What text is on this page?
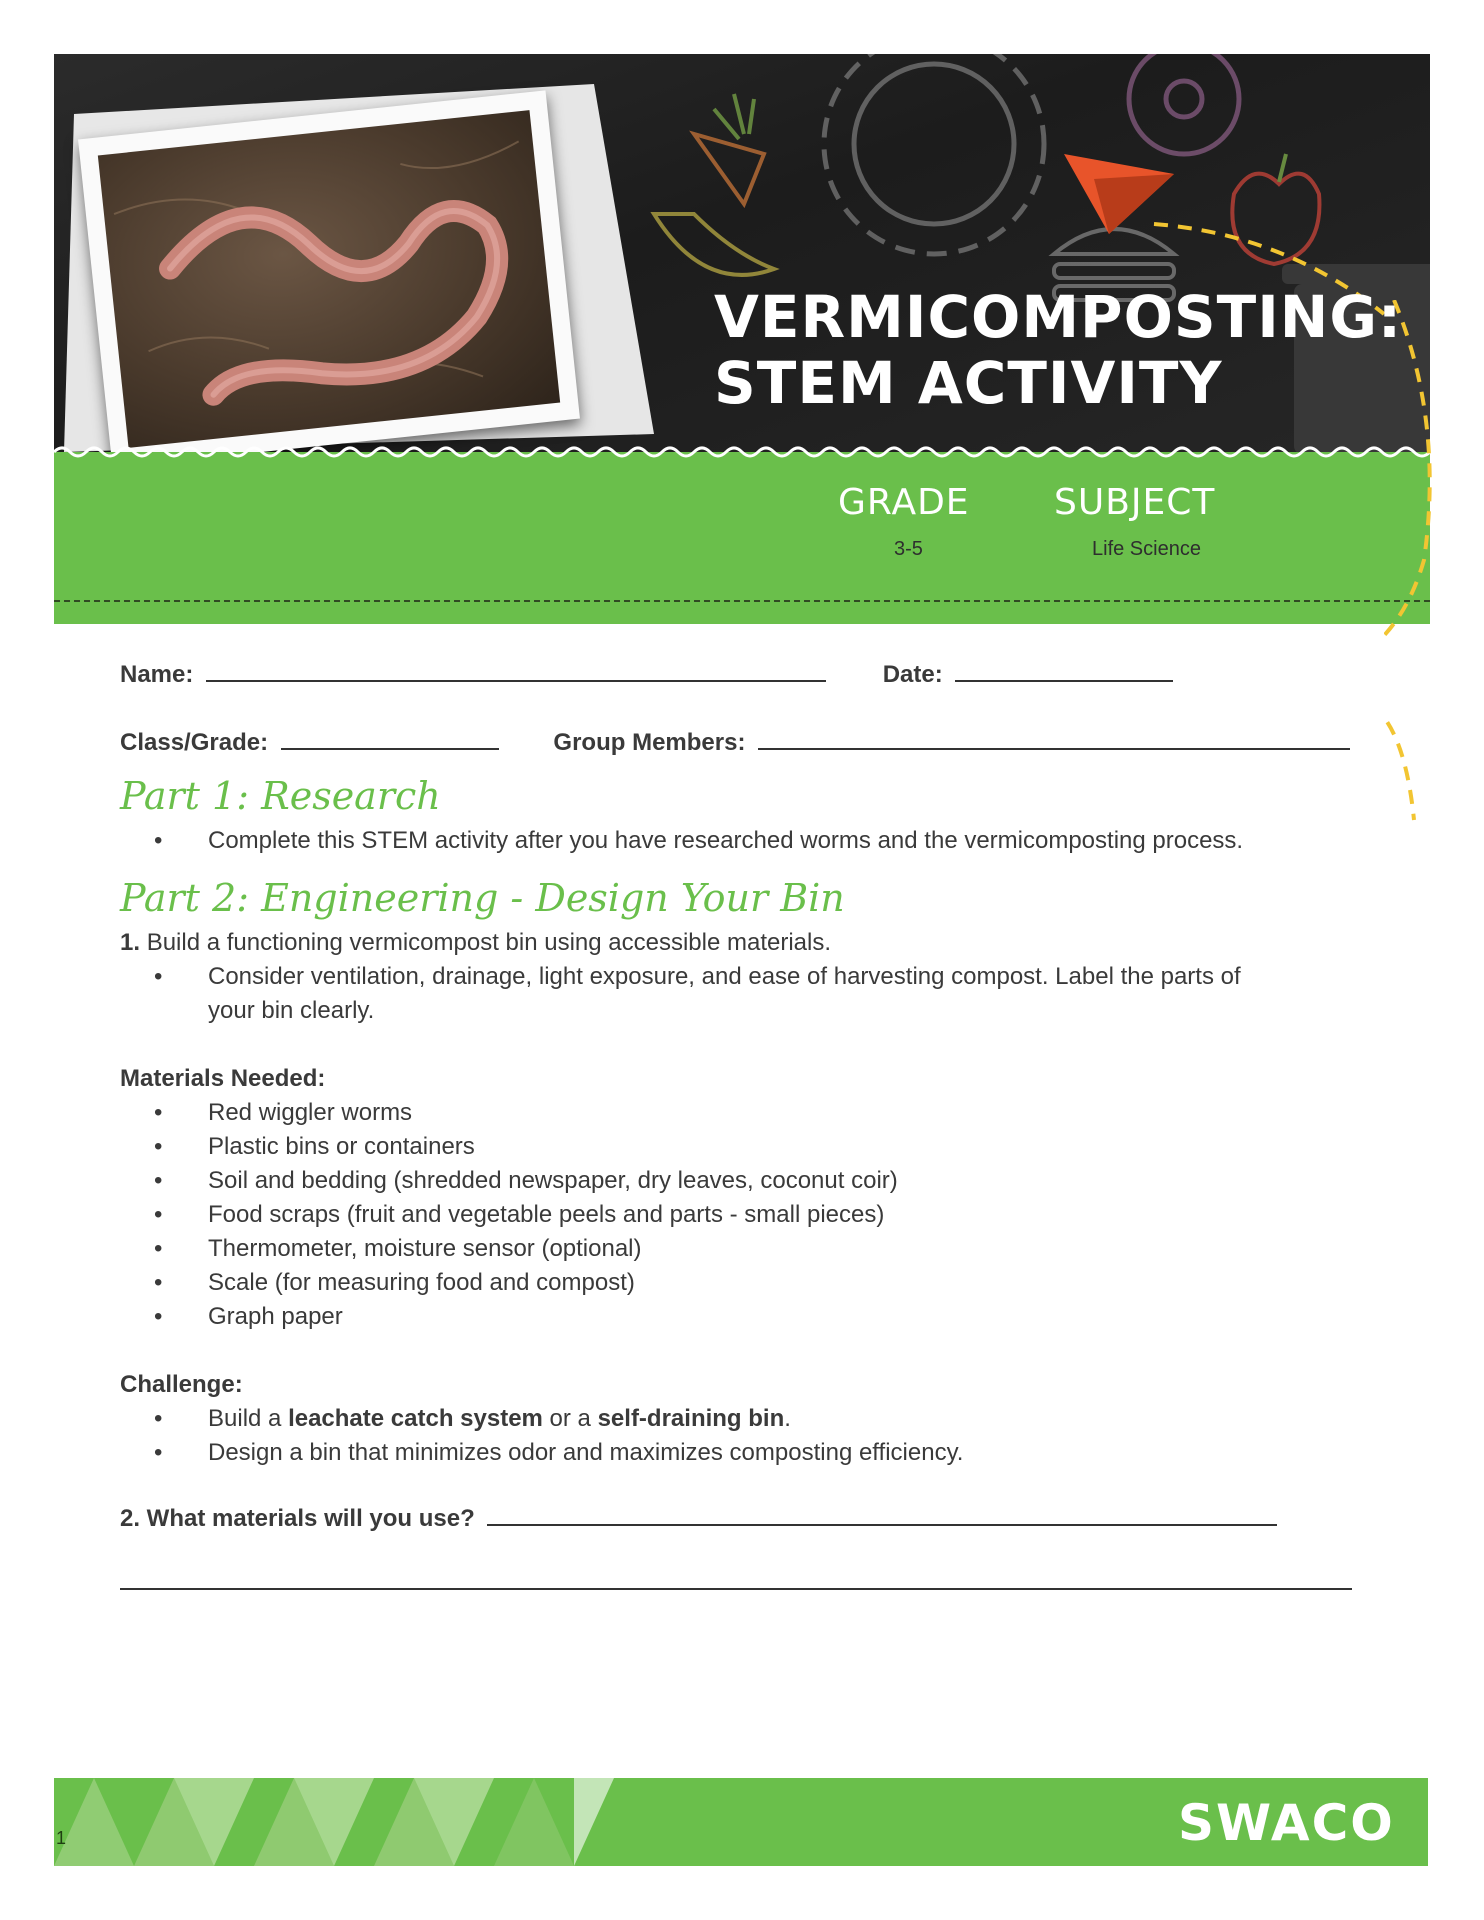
VERMICOMPOSTING:
STEM ACTIVITY
GRADE
3-5
SUBJECT
Life Science
Name:	Date:
Class/Grade:	Group Members:
Part 1: Research
• Complete this STEM activity after you have researched worms and the vermicomposting process.
Part 2: Engineering - Design Your Bin
1. Build a functioning vermicompost bin using accessible materials.
• Consider ventilation, drainage, light exposure, and ease of harvesting compost. Label the parts of
your bin clearly.
Materials Needed:
• Red wiggler worms
• Plastic bins or containers
• Soil and bedding (shredded newspaper, dry leaves, coconut coir)
• Food scraps (fruit and vegetable peels and parts - small pieces)
• Thermometer, moisture sensor (optional)
• Scale (for measuring food and compost)
• Graph paper
Challenge:
• Build a leachate catch system or a self-draining bin.
• Design a bin that minimizes odor and maximizes composting efficiency.
2. What materials will you use?
1	SWACO
